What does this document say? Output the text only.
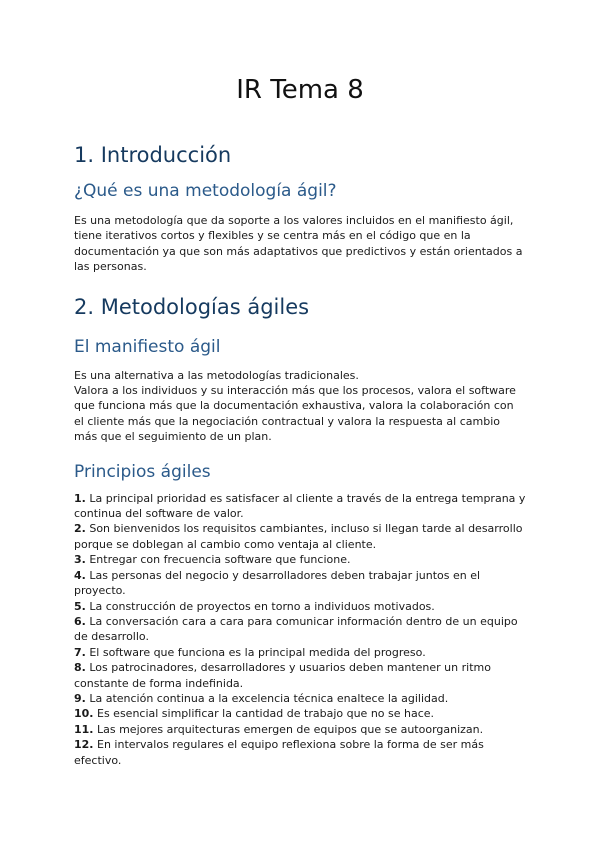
IR Tema 8
1. Introducción
¿Qué es una metodología ágil?

Es una metodología que da soporte a los valores incluidos en el manifiesto ágil, tiene iterativos cortos y flexibles y se centra más en el código que en la documentación ya que son más adaptativos que predictivos y están orientados a las personas.

2. Metodologías ágiles
El manifiesto ágil

Es una alternativa a las metodologías tradicionales.

Valora a los individuos y su interacción más que los procesos, valora el software que funciona más que la documentación exhaustiva, valora la colaboración con el cliente más que la negociación contractual y valora la respuesta al cambio más que el seguimiento de un plan.

Principios ágiles

1. La principal prioridad es satisfacer al cliente a través de la entrega temprana y continua del software de valor.

2. Son bienvenidos los requisitos cambiantes, incluso si llegan tarde al desarrollo porque se doblegan al cambio como ventaja al cliente.

3. Entregar con frecuencia software que funcione.

4. Las personas del negocio y desarrolladores deben trabajar juntos en el proyecto.

5. La construcción de proyectos en torno a individuos motivados.

6. La conversación cara a cara para comunicar información dentro de un equipo de desarrollo.

7. El software que funciona es la principal medida del progreso.

8. Los patrocinadores, desarrolladores y usuarios deben mantener un ritmo constante de forma indefinida.

9. La atención continua a la excelencia técnica enaltece la agilidad.

10. Es esencial simplificar la cantidad de trabajo que no se hace.

11. Las mejores arquitecturas emergen de equipos que se autoorganizan.

12. En intervalos regulares el equipo reflexiona sobre la forma de ser más efectivo.
